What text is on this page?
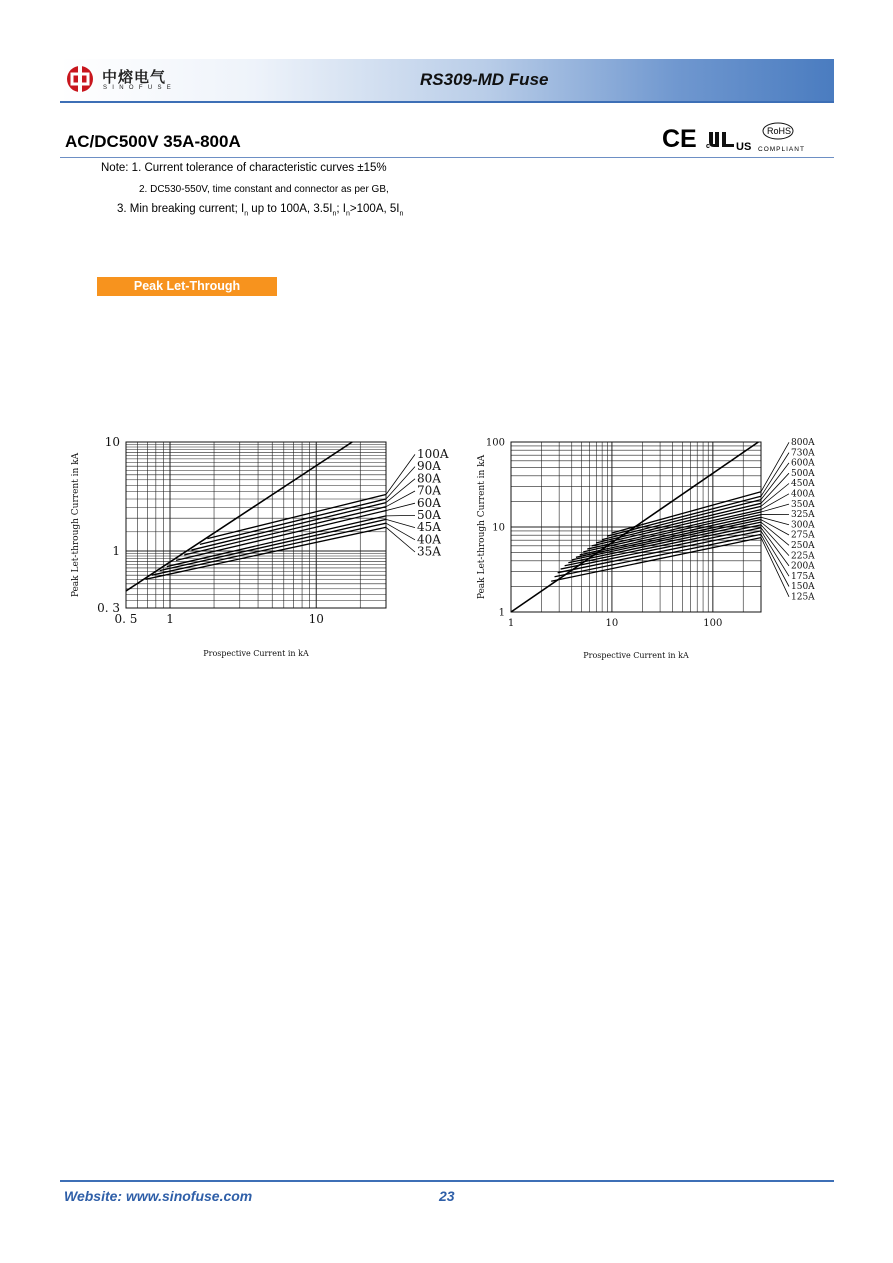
中熔电气
SINOFUSE	RS309-MD Fuse
AC/DC500V 35A-800A	CE c US
RoHS
COMPLIANT
Note: 1. Current tolerance of characteristic curves ±15%
2. DC530-550V, time constant and connector as per GB,
3. Min breaking current; $I_n$ up to 100A, $3.5I_n$; $I_n>100A$, $5I_n$
Peak Let-Through
100A
90A
80A
70A
60A
50A
45A
40A
35A
0. 5 1	10
10
1
0. 3
Prospective Current in kA
Peak Let-through Current in kA
800A
730A
600A
500A
450A
400A
350A
325A
300A
275A
250A
225A
200A
175A
150A
125A
1	10	100
100
10
1
Prospective Current in kA
Peak Let-through Current in kA
Website: www.sinofuse.com	23
